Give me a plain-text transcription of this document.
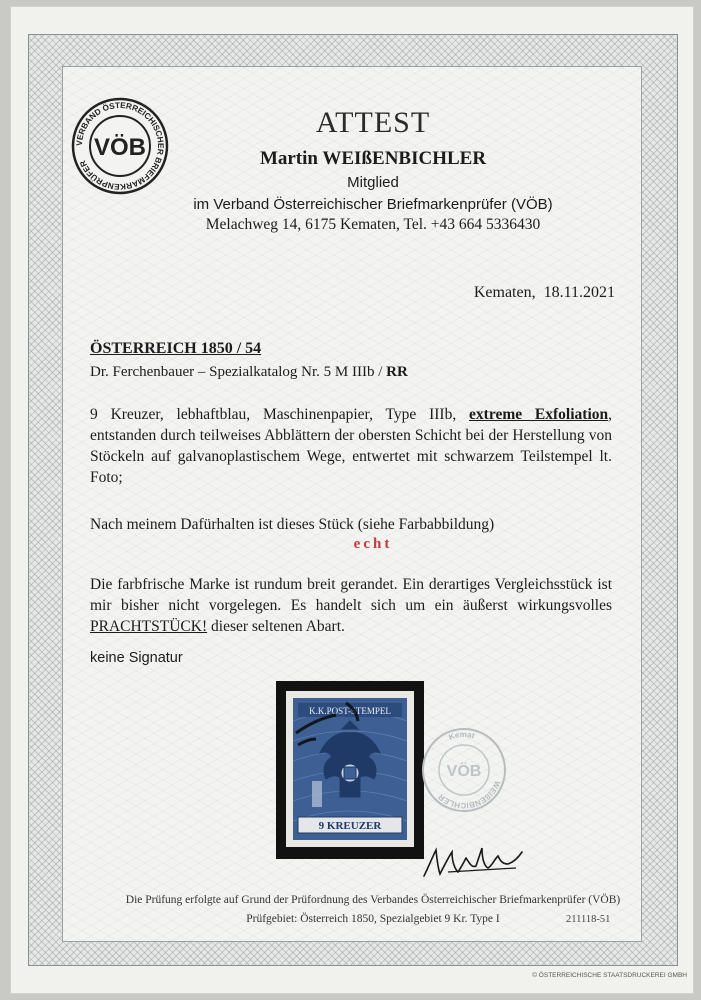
VERBAND ÖSTERREICHISCHER BRIEFMARKENPRÜFER
VÖB
ATTEST
Martin WEIßENBICHLER
Mitglied
im Verband Österreichischer Briefmarkenprüfer (VÖB)
Melachweg 14, 6175 Kematen, Tel. +43 664 5336430
Kematen,  18.11.2021
ÖSTERREICH 1850 / 54
Dr. Ferchenbauer – Spezialkatalog Nr. 5 M IIIb / RR
9 Kreuzer, lebhaftblau, Maschinenpapier, Type IIIb, extreme Exfoliation, entstanden durch teilweises Abblättern der obersten Schicht bei der Herstellung von Stöckeln auf galvanoplastischem Wege, entwertet mit schwarzem Teilstempel lt. Foto;
Nach meinem Dafürhalten ist dieses Stück (siehe Farbabbildung)
echt
Die farbfrische Marke ist rundum breit gerandet. Ein derartiges Vergleichsstück ist mir bisher nicht vorgelegen. Es handelt sich um ein äußerst wirkungsvolles PRACHTSTÜCK! dieser seltenen Abart.
keine Signatur
K.K.POST-STEMPEL
9 KREUZER
WEIßENBICHLER
Kemat
VÖB
Die Prüfung erfolgte auf Grund der Prüfordnung des Verbandes Österreichischer Briefmarkenprüfer (VÖB)
Prüfgebiet: Österreich 1850, Spezialgebiet 9 Kr. Type I	211118-51
© ÖSTERREICHISCHE STAATSDRUCKEREI GMBH
